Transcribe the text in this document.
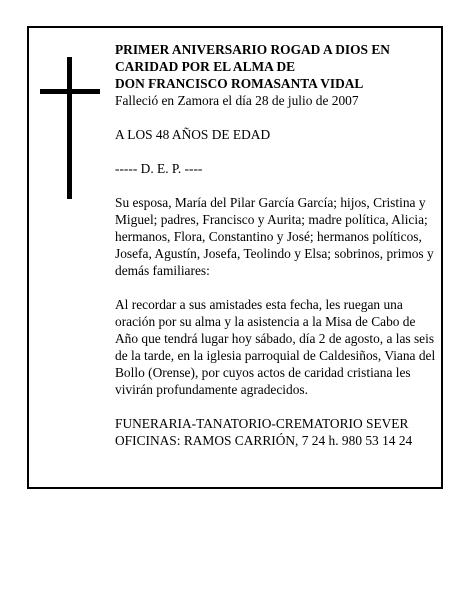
PRIMER ANIVERSARIO ROGAD A DIOS EN

CARIDAD POR EL ALMA DE

DON FRANCISCO ROMASANTA VIDAL

Falleció en Zamora el día 28 de julio de 2007

A LOS 48 AÑOS DE EDAD

----- D. E. P. ----

Su esposa, María del Pilar García García; hijos, Cristina y Miguel; padres, Francisco y Aurita; madre política, Alicia; hermanos, Flora, Constantino y José; hermanos políticos, Josefa, Agustín, Josefa, Teolindo y Elsa; sobrinos, primos y demás familiares:

Al recordar a sus amistades esta fecha, les ruegan una oración por su alma y la asistencia a la Misa de Cabo de Año que tendrá lugar hoy sábado, día 2 de agosto, a las seis de la tarde, en la iglesia parroquial de Caldesiños, Viana del Bollo (Orense), por cuyos actos de caridad cristiana les vivirán profundamente agradecidos.

FUNERARIA-TANATORIO-CREMATORIO SEVER

OFICINAS: RAMOS CARRIÓN, 7 24 h. 980 53 14 24
